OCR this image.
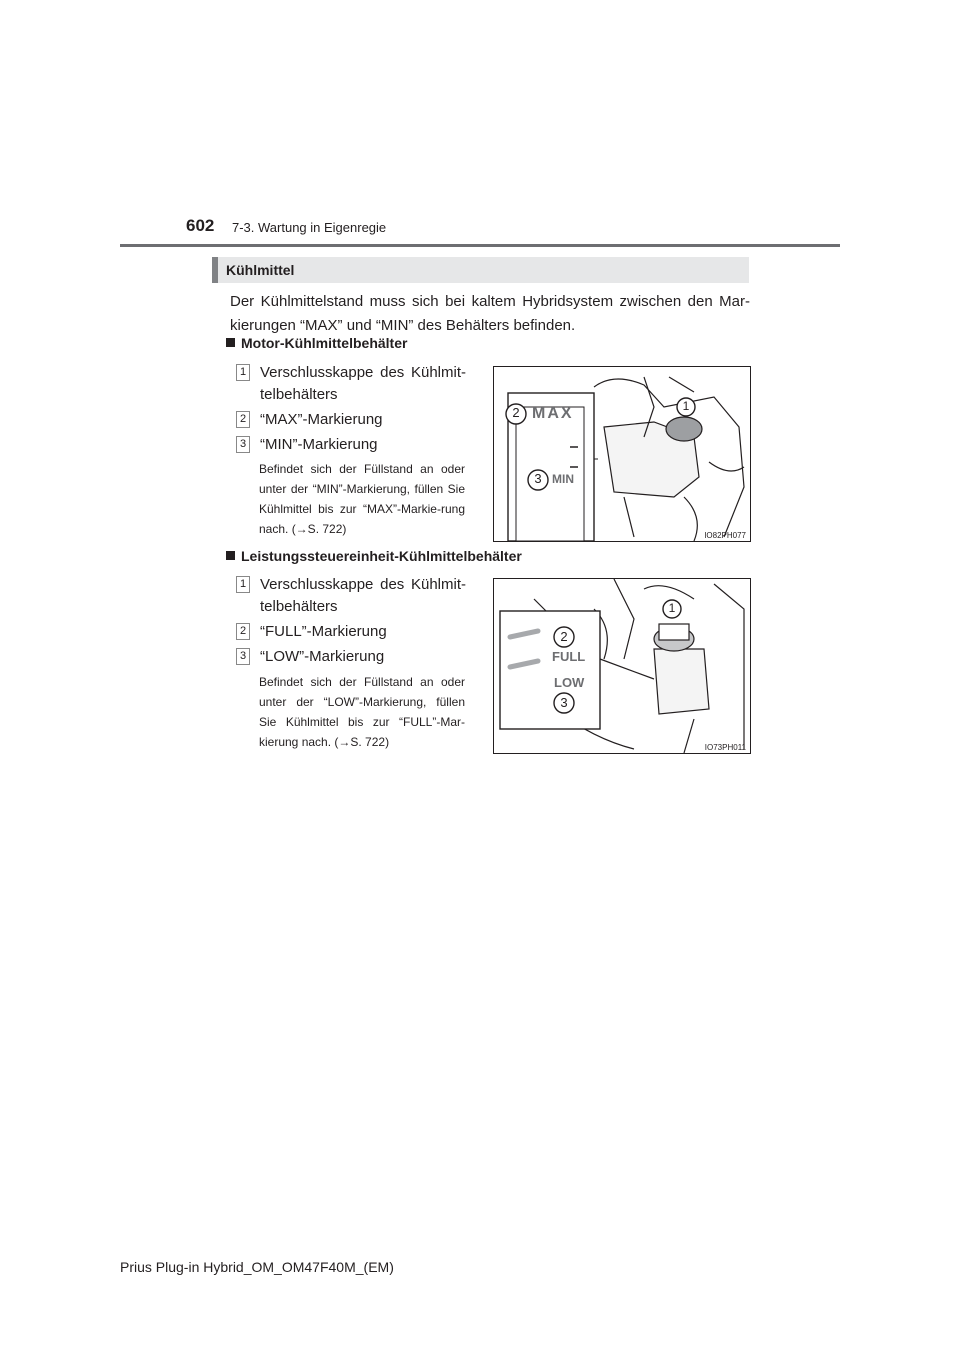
602 7-3. Wartung in Eigenregie
Kühlmittel
Der Kühlmittelstand muss sich bei kaltem Hybridsystem zwischen den Mar-kierungen “MAX” und “MIN” des Behälters befinden.
Motor-Kühlmittelbehälter
1 Verschlusskappe des Kühlmit-telbehälters
2 “MAX”-Markierung
3 “MIN”-Markierung
Befindet sich der Füllstand an oder unter der “MIN”-Markierung, füllen Sie Kühlmittel bis zur “MAX”-Markie-rung nach. (→S. 722)
2
3
1
MAX
MIN
IO82PH077
Leistungssteuereinheit-Kühlmittelbehälter
1 Verschlusskappe des Kühlmit-telbehälters
2 “FULL”-Markierung
3 “LOW”-Markierung
Befindet sich der Füllstand an oder unter der “LOW”-Markierung, füllen Sie Kühlmittel bis zur “FULL”-Mar-kierung nach. (→S. 722)
2
3
1
FULL
LOW
IO73PH011
Prius Plug-in Hybrid_OM_OM47F40M_(EM)
